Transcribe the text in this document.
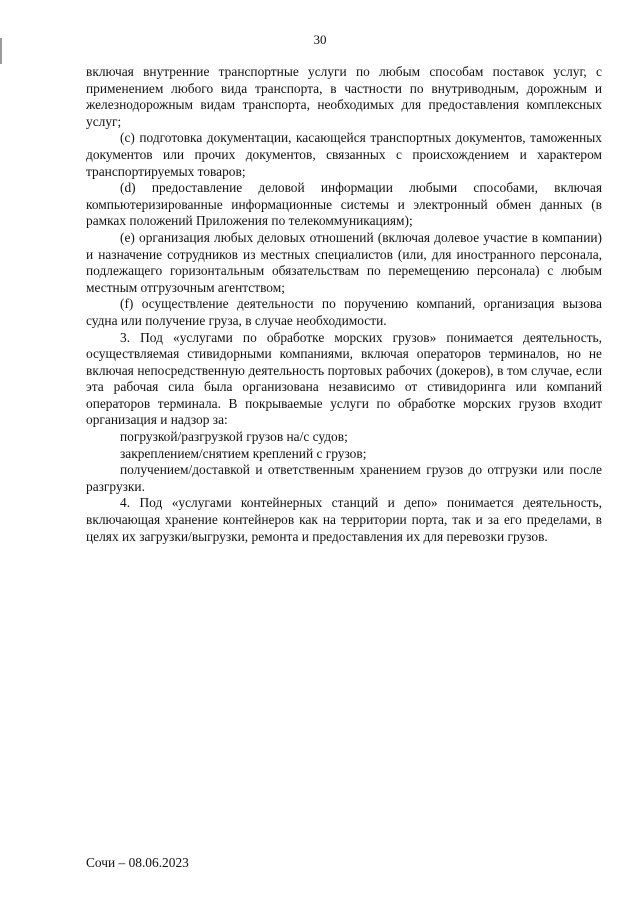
30

включая внутренние транспортные услуги по любым способам поставок услуг, с применением любого вида транспорта, в частности по внутриводным, дорожным и железнодорожным видам транспорта, необходимых для предоставления комплексных услуг;

(с) подготовка документации, касающейся транспортных документов, таможенных документов или прочих документов, связанных с происхождением и характером транспортируемых товаров;

(d) предоставление деловой информации любыми способами, включая компьютеризированные информационные системы и электронный обмен данных (в рамках положений Приложения по телекоммуникациям);

(е) организация любых деловых отношений (включая долевое участие в компании) и назначение сотрудников из местных специалистов (или, для иностранного персонала, подлежащего горизонтальным обязательствам по перемещению персонала) с любым местным отгрузочным агентством;

(f) осуществление деятельности по поручению компаний, организация вызова судна или получение груза, в случае необходимости.

3. Под «услугами по обработке морских грузов» понимается деятельность, осуществляемая стивидорными компаниями, включая операторов терминалов, но не включая непосредственную деятельность портовых рабочих (докеров), в том случае, если эта рабочая сила была организована независимо от стивидоринга или компаний операторов терминала. В покрываемые услуги по обработке морских грузов входит организация и надзор за:

погрузкой/разгрузкой грузов на/с судов;

закреплением/снятием креплений с грузов;

получением/доставкой и ответственным хранением грузов до отгрузки или после разгрузки.

4. Под «услугами контейнерных станций и депо» понимается деятельность, включающая хранение контейнеров как на территории порта, так и за его пределами, в целях их загрузки/выгрузки, ремонта и предоставления их для перевозки грузов.

Сочи – 08.06.2023
